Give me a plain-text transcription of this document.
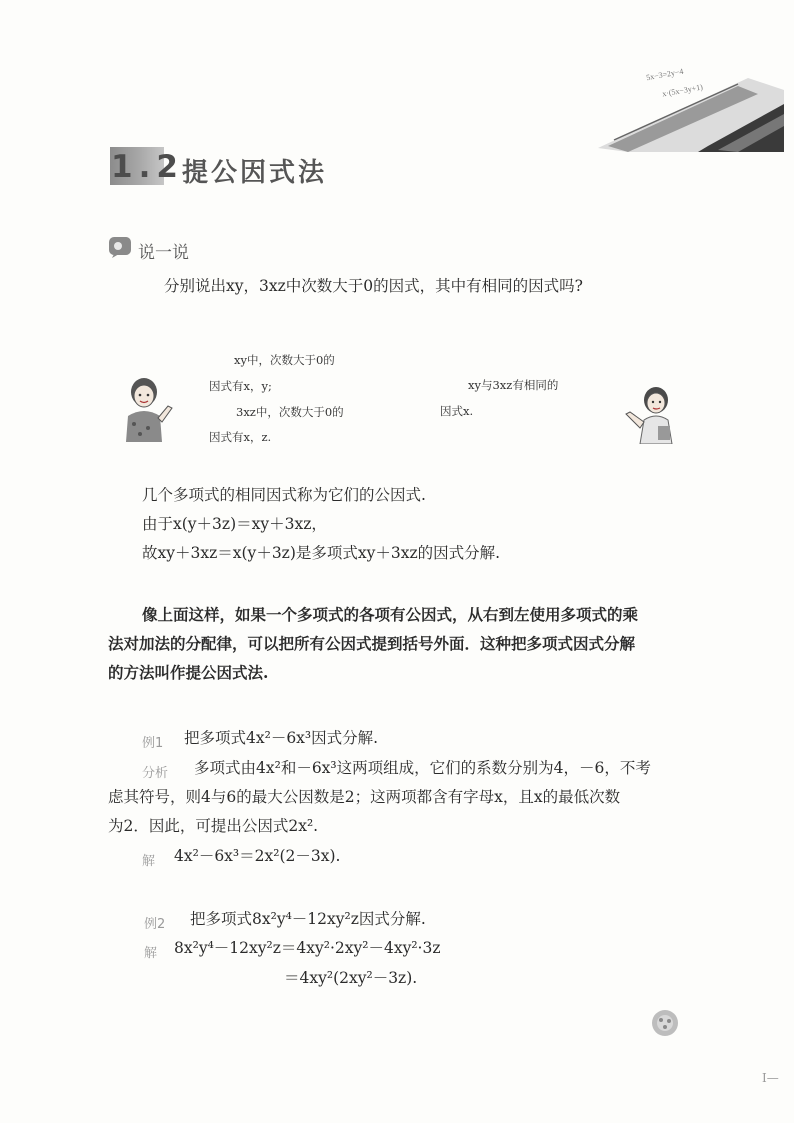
1.2
提公因式法
5x−3=2y−4
x·(5x−3y+1)
说一说
分别说出xy，3xz中次数大于0的因式，其中有相同的因式吗?
xy中，次数大于0的
因式有x，y;
3xz中，次数大于0的
因式有x，z.
xy与3xz有相同的
因式x.
几个多项式的相同因式称为它们的公因式.
由于x(y＋3z)＝xy＋3xz，
故xy＋3xz＝x(y＋3z)是多项式xy＋3xz的因式分解.
像上面这样，如果一个多项式的各项有公因式，从右到左使用多项式的乘
法对加法的分配律，可以把所有公因式提到括号外面．这种把多项式因式分解
的方法叫作提公因式法.
例1 把多项式4x²－6x³因式分解.
分析 多项式由4x²和－6x³这两项组成，它们的系数分别为4，－6，不考
虑其符号，则4与6的最大公因数是2；这两项都含有字母x，且x的最低次数
为2．因此，可提出公因式2x².
解 4x²－6x³＝2x²(2－3x).
例2 把多项式8x²y⁴－12xy²z因式分解.
解 8x²y⁴－12xy²z＝4xy²·2xy²－4xy²·3z
＝4xy²(2xy²－3z).
I—
